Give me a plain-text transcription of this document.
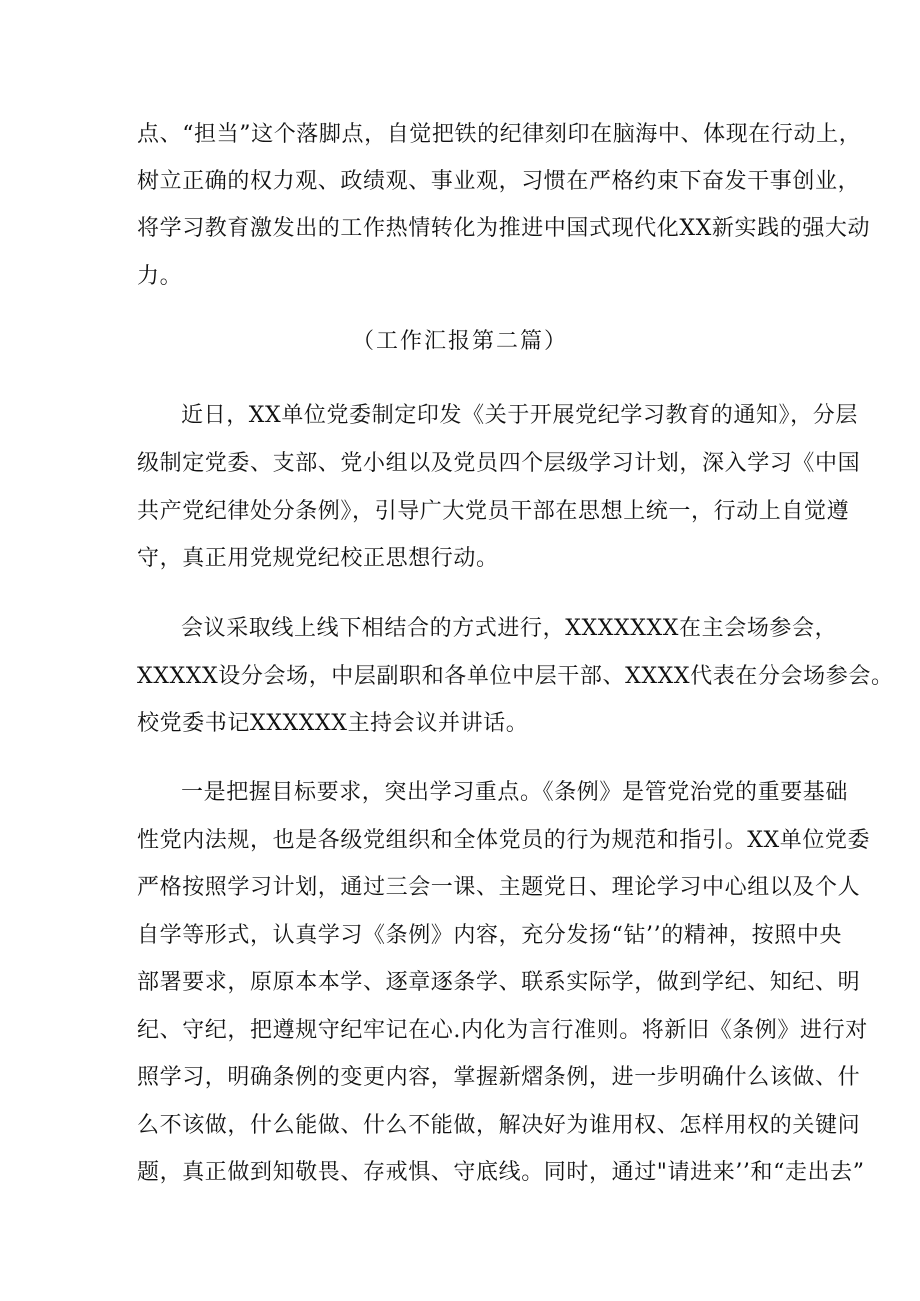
点、“担当”这个落脚点，自觉把铁的纪律刻印在脑海中、体现在行动上，
树立正确的权力观、政绩观、事业观，习惯在严格约束下奋发干事创业，
将学习教育激发出的工作热情转化为推进中国式现代化XX新实践的强大动
力。
（工作汇报第二篇）
近日，XX单位党委制定印发《关于开展党纪学习教育的通知》，分层
级制定党委、支部、党小组以及党员四个层级学习计划，深入学习《中国
共产党纪律处分条例》，引导广大党员干部在思想上统一，行动上自觉遵
守，真正用党规党纪校正思想行动。
会议采取线上线下相结合的方式进行，XXXXXXX在主会场参会，
XXXXX设分会场，中层副职和各单位中层干部、XXXX代表在分会场参会。
校党委书记XXXXXX主持会议并讲话。
一是把握目标要求，突出学习重点。《条例》是管党治党的重要基础
性党内法规，也是各级党组织和全体党员的行为规范和指引。XX单位党委
严格按照学习计划，通过三会一课、主题党日、理论学习中心组以及个人
自学等形式，认真学习《条例》内容，充分发扬“钻’’的精神，按照中央
部署要求，原原本本学、逐章逐条学、联系实际学，做到学纪、知纪、明
纪、守纪，把遵规守纪牢记在心.内化为言行准则。将新旧《条例》进行对
照学习，明确条例的变更内容，掌握新熠条例，进一步明确什么该做、什
么不该做，什么能做、什么不能做，解决好为谁用权、怎样用权的关键问
题，真正做到知敬畏、存戒惧、守底线。同时，通过"请进来’’和“走出去”
